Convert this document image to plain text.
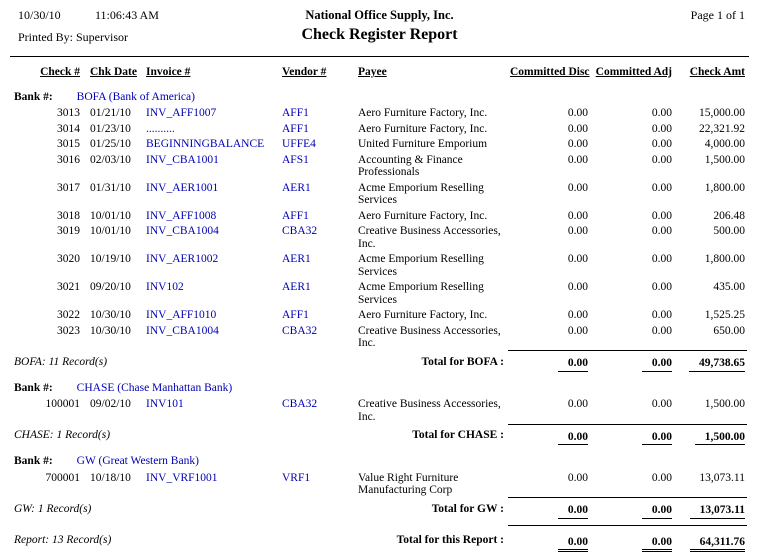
10/30/10	11:06:43 AM	National Office Supply, Inc.
Check Register Report
Page 1 of 1
Printed By: Supervisor
Check #	Chk Date	Invoice #	Vendor #	Payee	Committed Disc	Committed Adj	Check Amt
Bank #: BOFA (Bank of America)							
3013	01/21/10	INV_AFF1007	AFF1	Aero Furniture Factory, Inc.	0.00	0.00	15,000.00
3014	01/23/10	..........	AFF1	Aero Furniture Factory, Inc.	0.00	0.00	22,321.92
3015	01/25/10	BEGINNINGBALANCE	UFFE4	United Furniture Emporium	0.00	0.00	4,000.00
3016	02/03/10	INV_CBA1001	AFS1	Accounting & Finance Professionals	0.00	0.00	1,500.00
3017	01/31/10	INV_AER1001	AER1	Acme Emporium Reselling Services	0.00	0.00	1,800.00
3018	10/01/10	INV_AFF1008	AFF1	Aero Furniture Factory, Inc.	0.00	0.00	206.48
3019	10/01/10	INV_CBA1004	CBA32	Creative Business Accessories, Inc.	0.00	0.00	500.00
3020	10/19/10	INV_AER1002	AER1	Acme Emporium Reselling Services	0.00	0.00	1,800.00
3021	09/20/10	INV102	AER1	Acme Emporium Reselling Services	0.00	0.00	435.00
3022	10/30/10	INV_AFF1010	AFF1	Aero Furniture Factory, Inc.	0.00	0.00	1,525.25
3023	10/30/10	INV_CBA1004	CBA32	Creative Business Accessories, Inc.	0.00	0.00	650.00
BOFA: 11 Record(s)			Total for BOFA :		0.00	0.00	49,738.65
Bank #: CHASE (Chase Manhattan Bank)							
100001	09/02/10	INV101	CBA32	Creative Business Accessories, Inc.	0.00	0.00	1,500.00
CHASE: 1 Record(s)			Total for CHASE :		0.00	0.00	1,500.00
Bank #: GW (Great Western Bank)							
700001	10/18/10	INV_VRF1001	VRF1	Value Right Furniture Manufacturing Corp	0.00	0.00	13,073.11
GW: 1 Record(s)			Total for GW :		0.00	0.00	13,073.11
Report: 13 Record(s)			Total for this Report :		0.00	0.00	64,311.76
